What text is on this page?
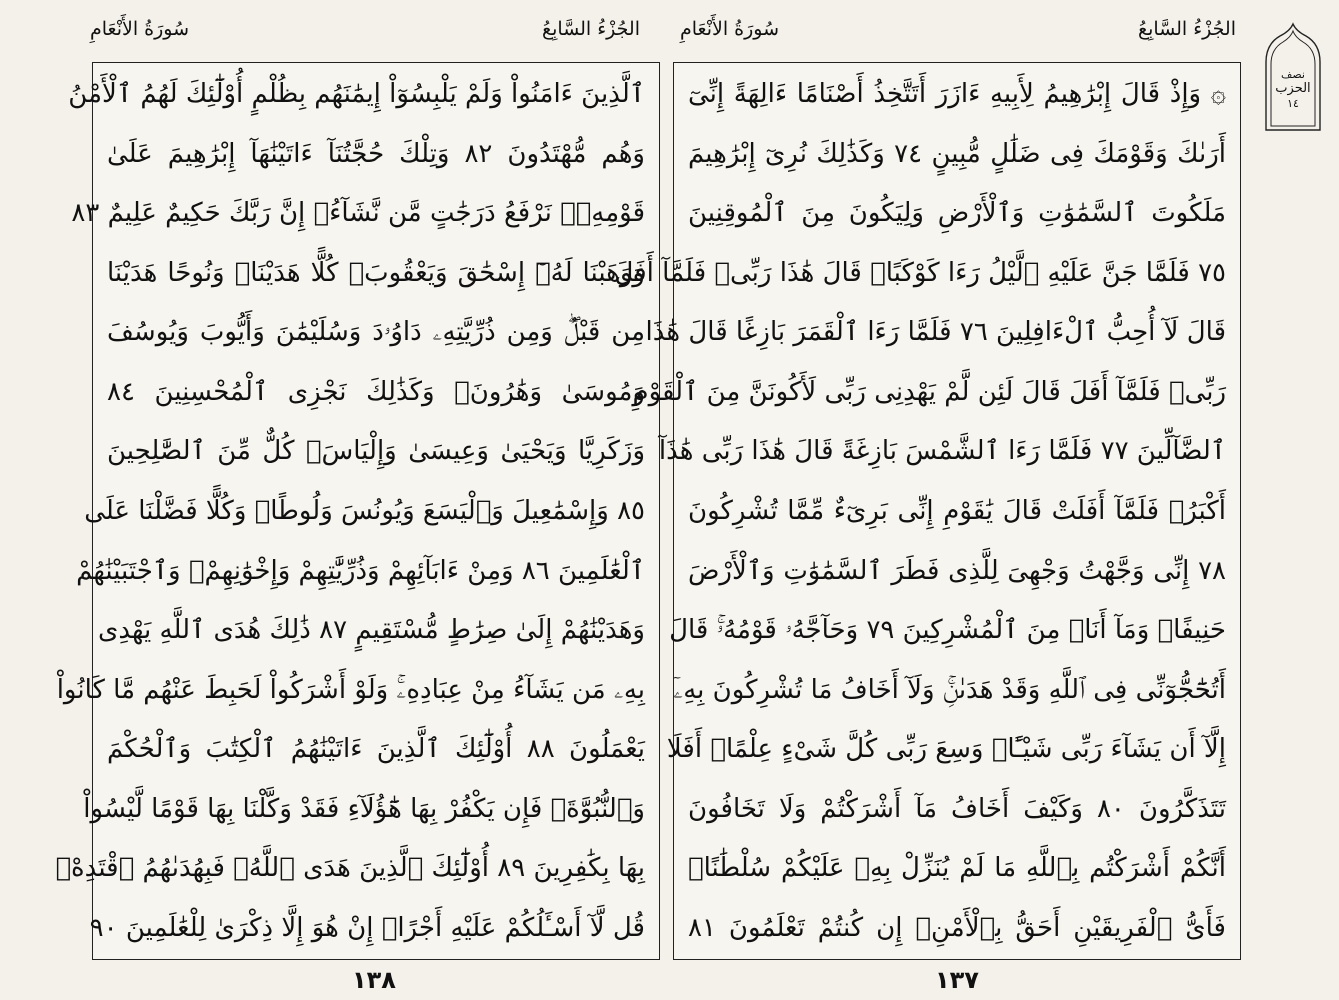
سُورَةُ الأَنْعَامِ	الجُزْءُ السَّابِعُ سُورَةُ الأَنْعَامِ	الجُزْءُ السَّابِعُ
نصف
الحزب
١٤
ٱلَّذِينَ ءَامَنُواْ وَلَمْ يَلْبِسُوٓاْ إِيمَٰنَهُم بِظُلْمٍ أُوْلَٰٓئِكَ لَهُمُ ٱلْأَمْنُ
وَهُم مُّهْتَدُونَ ٨٢ وَتِلْكَ حُجَّتُنَآ ءَاتَيْنَٰهَآ إِبْرَٰهِيمَ عَلَىٰ
قَوْمِهِۦۚ نَرْفَعُ دَرَجَٰتٍ مَّن نَّشَآءُۗ إِنَّ رَبَّكَ حَكِيمٌ عَلِيمٌ ٨٣
وَوَهَبْنَا لَهُۥٓ إِسْحَٰقَ وَيَعْقُوبَۚ كُلًّا هَدَيْنَاۚ وَنُوحًا هَدَيْنَا
مِن قَبْلُۖ وَمِن ذُرِّيَّتِهِۦ دَاوُۥدَ وَسُلَيْمَٰنَ وَأَيُّوبَ وَيُوسُفَ
وَمُوسَىٰ وَهَٰرُونَۚ وَكَذَٰلِكَ نَجْزِى ٱلْمُحْسِنِينَ ٨٤
وَزَكَرِيَّا وَيَحْيَىٰ وَعِيسَىٰ وَإِلْيَاسَۖ كُلٌّ مِّنَ ٱلصَّٰلِحِينَ
٨٥ وَإِسْمَٰعِيلَ وَٱلْيَسَعَ وَيُونُسَ وَلُوطًاۚ وَكُلًّا فَضَّلْنَا عَلَى
ٱلْعَٰلَمِينَ ٨٦ وَمِنْ ءَابَآئِهِمْ وَذُرِّيَّٰتِهِمْ وَإِخْوَٰنِهِمْۖ وَٱجْتَبَيْنَٰهُمْ
وَهَدَيْنَٰهُمْ إِلَىٰ صِرَٰطٍ مُّسْتَقِيمٍ ٨٧ ذَٰلِكَ هُدَى ٱللَّهِ يَهْدِى
بِهِۦ مَن يَشَآءُ مِنْ عِبَادِهِۦۚ وَلَوْ أَشْرَكُواْ لَحَبِطَ عَنْهُم مَّا كَانُواْ
يَعْمَلُونَ ٨٨ أُوْلَٰٓئِكَ ٱلَّذِينَ ءَاتَيْنَٰهُمُ ٱلْكِتَٰبَ وَٱلْحُكْمَ
وَٱلنُّبُوَّةَۚ فَإِن يَكْفُرْ بِهَا هَٰٓؤُلَآءِ فَقَدْ وَكَّلْنَا بِهَا قَوْمًا لَّيْسُواْ
بِهَا بِكَٰفِرِينَ ٨٩ أُوْلَٰٓئِكَ ٱلَّذِينَ هَدَى ٱللَّهُۖ فَبِهُدَىٰهُمُ ٱقْتَدِهْۗ
قُل لَّآ أَسْـَٔلُكُمْ عَلَيْهِ أَجْرًاۖ إِنْ هُوَ إِلَّا ذِكْرَىٰ لِلْعَٰلَمِينَ ٩٠
۞ وَإِذْ قَالَ إِبْرَٰهِيمُ لِأَبِيهِ ءَازَرَ أَتَتَّخِذُ أَصْنَامًا ءَالِهَةً إِنِّىٓ
أَرَىٰكَ وَقَوْمَكَ فِى ضَلَٰلٍ مُّبِينٍ ٧٤ وَكَذَٰلِكَ نُرِىٓ إِبْرَٰهِيمَ
مَلَكُوتَ ٱلسَّمَٰوَٰتِ وَٱلْأَرْضِ وَلِيَكُونَ مِنَ ٱلْمُوقِنِينَ
٧٥ فَلَمَّا جَنَّ عَلَيْهِ ٱلَّيْلُ رَءَا كَوْكَبًاۖ قَالَ هَٰذَا رَبِّىۖ فَلَمَّآ أَفَلَ
قَالَ لَآ أُحِبُّ ٱلْءَافِلِينَ ٧٦ فَلَمَّا رَءَا ٱلْقَمَرَ بَازِغًا قَالَ هَٰذَا
رَبِّىۖ فَلَمَّآ أَفَلَ قَالَ لَئِن لَّمْ يَهْدِنِى رَبِّى لَأَكُونَنَّ مِنَ ٱلْقَوْمِ
ٱلضَّآلِّينَ ٧٧ فَلَمَّا رَءَا ٱلشَّمْسَ بَازِغَةً قَالَ هَٰذَا رَبِّى هَٰذَآ
أَكْبَرُۖ فَلَمَّآ أَفَلَتْ قَالَ يَٰقَوْمِ إِنِّى بَرِىٓءٌ مِّمَّا تُشْرِكُونَ
٧٨ إِنِّى وَجَّهْتُ وَجْهِىَ لِلَّذِى فَطَرَ ٱلسَّمَٰوَٰتِ وَٱلْأَرْضَ
حَنِيفًاۖ وَمَآ أَنَا۠ مِنَ ٱلْمُشْرِكِينَ ٧٩ وَحَآجَّهُۥ قَوْمُهُۥۚ قَالَ
أَتُحَٰٓجُّوٓنِّى فِى ٱللَّهِ وَقَدْ هَدَىٰنِۚ وَلَآ أَخَافُ مَا تُشْرِكُونَ بِهِۦٓ
إِلَّآ أَن يَشَآءَ رَبِّى شَيْـًٔاۗ وَسِعَ رَبِّى كُلَّ شَىْءٍ عِلْمًاۗ أَفَلَا
تَتَذَكَّرُونَ ٨٠ وَكَيْفَ أَخَافُ مَآ أَشْرَكْتُمْ وَلَا تَخَافُونَ
أَنَّكُمْ أَشْرَكْتُم بِٱللَّهِ مَا لَمْ يُنَزِّلْ بِهِۦ عَلَيْكُمْ سُلْطَٰنًاۚ
فَأَىُّ ٱلْفَرِيقَيْنِ أَحَقُّ بِٱلْأَمْنِۖ إِن كُنتُمْ تَعْلَمُونَ ٨١
١٣٨	١٣٧
